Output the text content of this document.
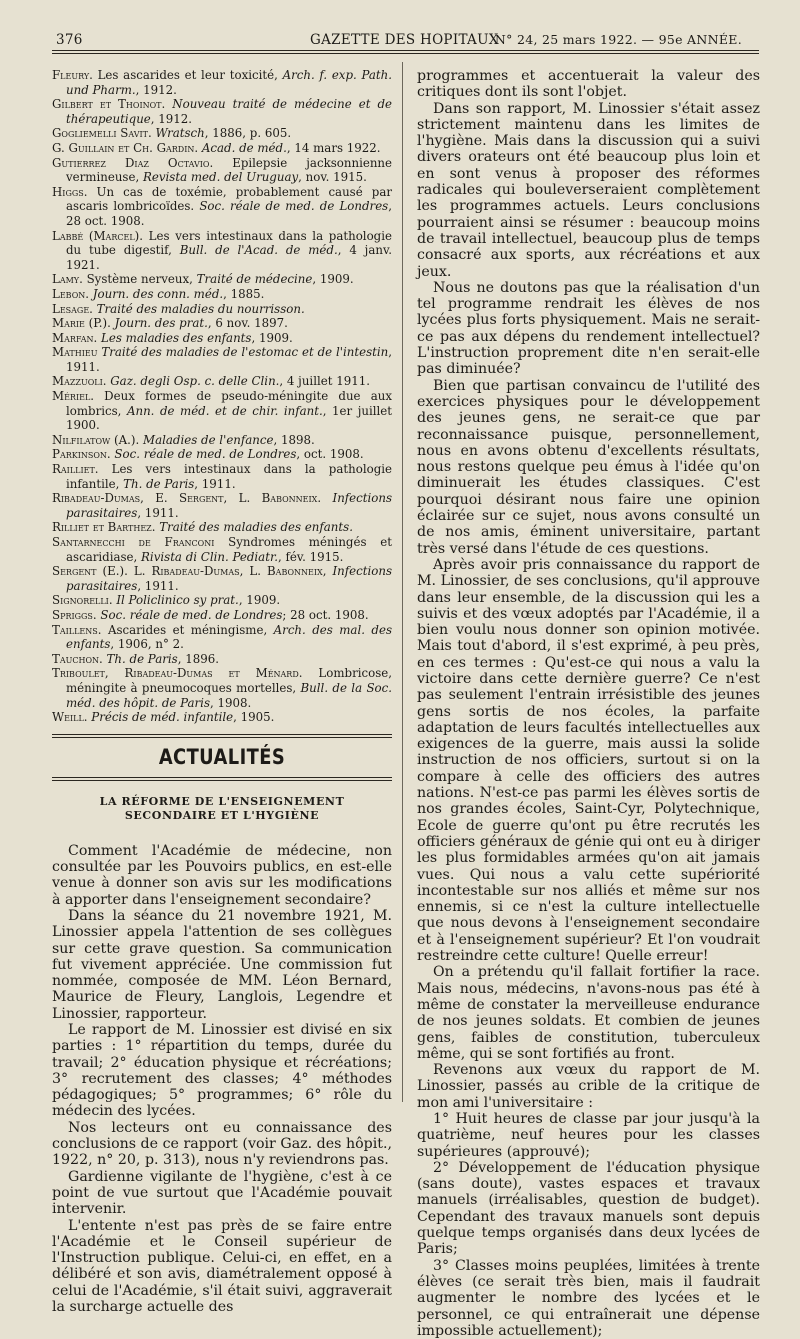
376	GAZETTE DES HOPITAUX
N° 24, 25 mars 1922. — 95e ANNÉE.

Fleury. Les ascarides et leur toxicité, Arch. f. exp. Path. und Pharm., 1912.

Gilbert et Thoinot. Nouveau traité de médecine et de thérapeutique, 1912.

Gogliemelli Savit. Wratsch, 1886, p. 605.

G. Guillain et Ch. Gardin. Acad. de méd., 14 mars 1922.

Gutierrez Diaz Octavio. Epilepsie jacksonnienne vermineuse, Revista med. del Uruguay, nov. 1915.

Higgs. Un cas de toxémie, probablement causé par ascaris lombricoïdes. Soc. réale de med. de Londres, 28 oct. 1908.

Labbé (Marcel). Les vers intestinaux dans la pathologie du tube digestif, Bull. de l'Acad. de méd., 4 janv. 1921.

Lamy. Système nerveux, Traité de médecine, 1909.

Lebon. Journ. des conn. méd., 1885.

Lesage. Traité des maladies du nourrisson.

Marie (P.). Journ. des prat., 6 nov. 1897.

Marfan. Les maladies des enfants, 1909.

Mathieu Traité des maladies de l'estomac et de l'intestin, 1911.

Mazzuoli. Gaz. degli Osp. c. delle Clin., 4 juillet 1911.

Mériel. Deux formes de pseudo-méningite due aux lombrics, Ann. de méd. et de chir. infant., 1er juillet 1900.

Nilfilatow (A.). Maladies de l'enfance, 1898.

Parkinson. Soc. réale de med. de Londres, oct. 1908.

Railliet. Les vers intestinaux dans la pathologie infantile, Th. de Paris, 1911.

Ribadeau-Dumas, E. Sergent, L. Babonneix. Infections parasitaires, 1911.

Rilliet et Barthez. Traité des maladies des enfants.

Santarnecchi de Franconi Syndromes méningés et ascaridiase, Rivista di Clin. Pediatr., fév. 1915.

Sergent (E.). L. Ribadeau-Dumas, L. Babonneix, Infections parasitaires, 1911.

Signorelli. Il Policlinico sy prat., 1909.

Spriggs. Soc. réale de med. de Londres; 28 oct. 1908.

Taillens. Ascarides et méningisme, Arch. des mal. des enfants, 1906, n° 2.

Tauchon. Th. de Paris, 1896.

Triboulet, Ribadeau-Dumas et Ménard. Lombricose, méningite à pneumocoques mortelles, Bull. de la Soc. méd. des hôpit. de Paris, 1908.

Weill. Précis de méd. infantile, 1905.

ACTUALITÉS
LA RÉFORME DE L'ENSEIGNEMENT SECONDAIRE ET L'HYGIÈNE

Comment l'Académie de médecine, non consultée par les Pouvoirs publics, en est-elle venue à donner son avis sur les modifications à apporter dans l'enseignement secondaire?

Dans la séance du 21 novembre 1921, M. Linossier appela l'attention de ses collègues sur cette grave question. Sa communication fut vivement appréciée. Une commission fut nommée, composée de MM. Léon Bernard, Maurice de Fleury, Langlois, Legendre et Linossier, rapporteur.

Le rapport de M. Linossier est divisé en six parties : 1° répartition du temps, durée du travail; 2° éducation physique et récréations; 3° recrutement des classes; 4° méthodes pédagogiques; 5° programmes; 6° rôle du médecin des lycées.

Nos lecteurs ont eu connaissance des conclusions de ce rapport (voir Gaz. des hôpit., 1922, n° 20, p. 313), nous n'y reviendrons pas.

Gardienne vigilante de l'hygiène, c'est à ce point de vue surtout que l'Académie pouvait intervenir.

L'entente n'est pas près de se faire entre l'Académie et le Conseil supérieur de l'Instruction publique. Celui-ci, en effet, en a délibéré et son avis, diamétralement opposé à celui de l'Académie, s'il était suivi, aggraverait la surcharge actuelle des

programmes et accentuerait la valeur des critiques dont ils sont l'objet.

Dans son rapport, M. Linossier s'était assez strictement maintenu dans les limites de l'hygiène. Mais dans la discussion qui a suivi divers orateurs ont été beaucoup plus loin et en sont venus à proposer des réformes radicales qui bouleverseraient complètement les programmes actuels. Leurs conclusions pourraient ainsi se résumer : beaucoup moins de travail intellectuel, beaucoup plus de temps consacré aux sports, aux récréations et aux jeux.

Nous ne doutons pas que la réalisation d'un tel programme rendrait les élèves de nos lycées plus forts physiquement. Mais ne serait-ce pas aux dépens du rendement intellectuel? L'instruction proprement dite n'en serait-elle pas diminuée?

Bien que partisan convaincu de l'utilité des exercices physiques pour le développement des jeunes gens, ne serait-ce que par reconnaissance puisque, personnellement, nous en avons obtenu d'excellents résultats, nous restons quelque peu émus à l'idée qu'on diminuerait les études classiques. C'est pourquoi désirant nous faire une opinion éclairée sur ce sujet, nous avons consulté un de nos amis, éminent universitaire, partant très versé dans l'étude de ces questions.

Après avoir pris connaissance du rapport de M. Linossier, de ses conclusions, qu'il approuve dans leur ensemble, de la discussion qui les a suivis et des vœux adoptés par l'Académie, il a bien voulu nous donner son opinion motivée. Mais tout d'abord, il s'est exprimé, à peu près, en ces termes : Qu'est-ce qui nous a valu la victoire dans cette dernière guerre? Ce n'est pas seulement l'entrain irrésistible des jeunes gens sortis de nos écoles, la parfaite adaptation de leurs facultés intellectuelles aux exigences de la guerre, mais aussi la solide instruction de nos officiers, surtout si on la compare à celle des officiers des autres nations. N'est-ce pas parmi les élèves sortis de nos grandes écoles, Saint-Cyr, Polytechnique, Ecole de guerre qu'ont pu être recrutés les officiers généraux de génie qui ont eu à diriger les plus formidables armées qu'on ait jamais vues. Qui nous a valu cette supériorité incontestable sur nos alliés et même sur nos ennemis, si ce n'est la culture intellectuelle que nous devons à l'enseignement secondaire et à l'enseignement supérieur? Et l'on voudrait restreindre cette culture! Quelle erreur!

On a prétendu qu'il fallait fortifier la race. Mais nous, médecins, n'avons-nous pas été à même de constater la merveilleuse endurance de nos jeunes soldats. Et combien de jeunes gens, faibles de constitution, tuberculeux même, qui se sont fortifiés au front.

Revenons aux vœux du rapport de M. Linossier, passés au crible de la critique de mon ami l'universitaire :

1° Huit heures de classe par jour jusqu'à la quatrième, neuf heures pour les classes supérieures (approuvé);

2° Développement de l'éducation physique (sans doute), vastes espaces et travaux manuels (irréalisables, question de budget). Cependant des travaux manuels sont depuis quelque temps organisés dans deux lycées de Paris;

3° Classes moins peuplées, limitées à trente élèves (ce serait très bien, mais il faudrait augmenter le nombre des lycées et le personnel, ce qui entraînerait une dépense impossible actuellement);
